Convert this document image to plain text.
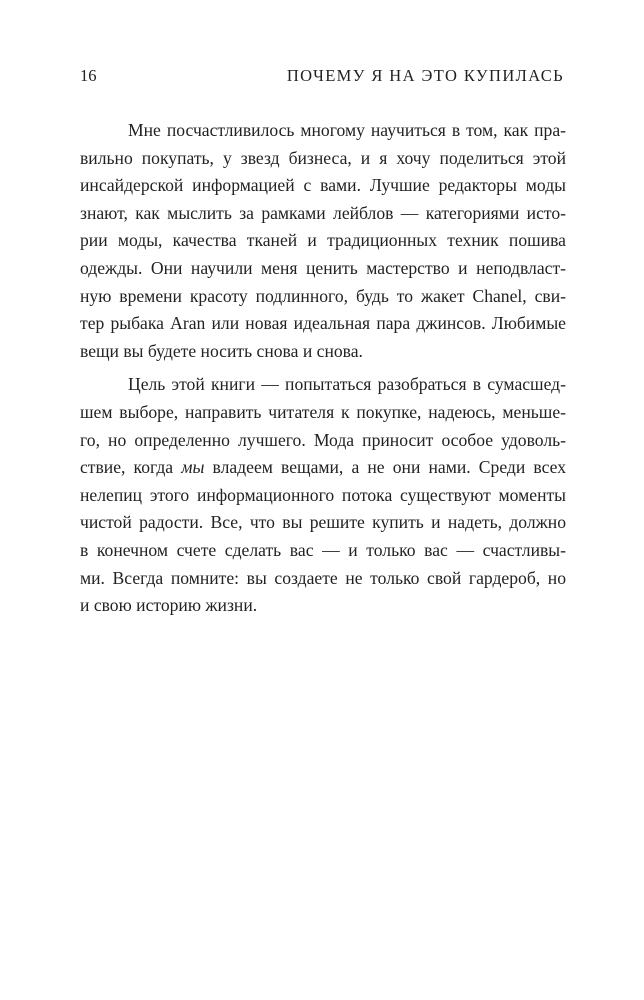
16	ПОЧЕМУ Я НА ЭТО КУПИЛАСЬ
Мне посчастливилось многому научиться в том, как пра-
вильно покупать, у звезд бизнеса, и я хочу поделиться этой
инсайдерской информацией с вами. Лучшие редакторы моды
знают, как мыслить за рамками лейблов — категориями исто-
рии моды, качества тканей и традиционных техник пошива
одежды. Они научили меня ценить мастерство и неподвласт-
ную времени красоту подлинного, будь то жакет Chanel, сви-
тер рыбака Aran или новая идеальная пара джинсов. Любимые
вещи вы будете носить снова и снова.
Цель этой книги — попытаться разобраться в сумасшед-
шем выборе, направить читателя к покупке, надеюсь, меньше-
го, но определенно лучшего. Мода приносит особое удоволь-
ствие, когда мы владеем вещами, а не они нами. Среди всех
нелепиц этого информационного потока существуют моменты
чистой радости. Все, что вы решите купить и надеть, должно
в конечном счете сделать вас — и только вас — счастливы-
ми. Всегда помните: вы создаете не только свой гардероб, но
и свою историю жизни.
